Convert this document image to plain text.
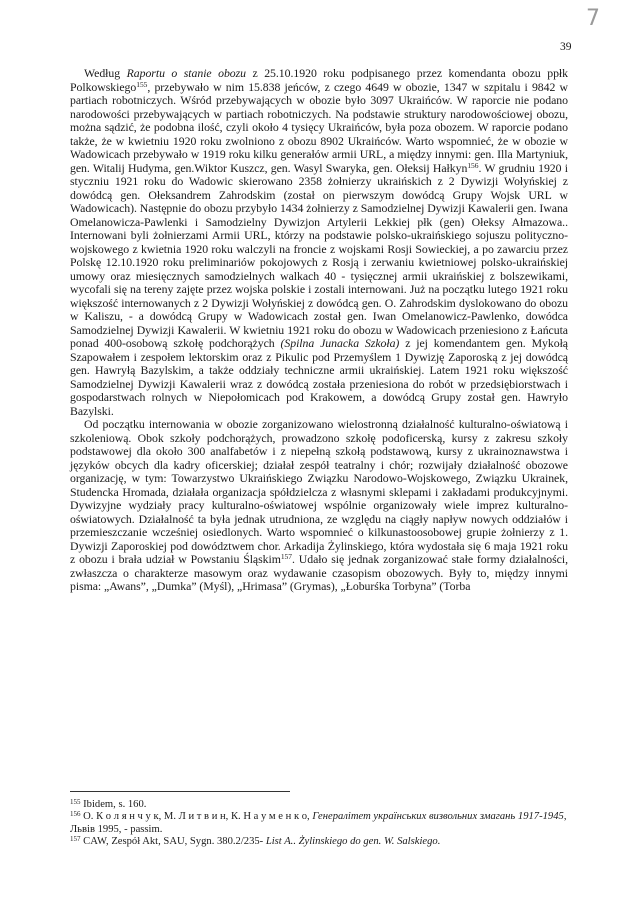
7
39

Według Raportu o stanie obozu z 25.10.1920 roku podpisanego przez komendanta obozu ppłk Polkowskiego$^{155}$, przebywało w nim 15.838 jeńców, z czego 4649 w obozie, 1347 w szpitalu i 9842 w partiach robotniczych. Wśród przebywających w obozie było 3097 Ukraińców. W raporcie nie podano narodowości przebywających w partiach robotniczych. Na podstawie struktury narodowościowej obozu, można sądzić, że podobna ilość, czyli około 4 tysięcy Ukraińców, była poza obozem. W raporcie podano także, że w kwietniu 1920 roku zwolniono z obozu 8902 Ukraińców. Warto wspomnieć, że w obozie w Wadowicach przebywało w 1919 roku kilku generałów armii URL, a między innymi: gen. Illa Martyniuk, gen. Witalij Hudyma, gen.Wiktor Kuszcz, gen. Wasyl Swaryka, gen. Ołeksij Hałkyn$^{156}$. W grudniu 1920 i styczniu 1921 roku do Wadowic skierowano 2358 żołnierzy ukraińskich z 2 Dywizji Wołyńskiej z dowódcą gen. Ołeksandrem Zahrodskim (został on pierwszym dowódcą Grupy Wojsk URL w Wadowicach). Następnie do obozu przybyło 1434 żołnierzy z Samodzielnej Dywizji Kawalerii gen. Iwana Omelanowicza-Pawlenki i Samodzielny Dywizjon Artylerii Lekkiej płk (gen) Ołeksy Ałmazowa.. Internowani byli żołnierzami Armii URL, którzy na podstawie polsko-ukraińskiego sojuszu polityczno-wojskowego z kwietnia 1920 roku walczyli na froncie z wojskami Rosji Sowieckiej, a po zawarciu przez Polskę 12.10.1920 roku preliminariów pokojowych z Rosją i zerwaniu kwietniowej polsko-ukraińskiej umowy oraz miesięcznych samodzielnych walkach 40 - tysięcznej armii ukraińskiej z bolszewikami, wycofali się na tereny zajęte przez wojska polskie i zostali internowani. Już na początku lutego 1921 roku większość internowanych z 2 Dywizji Wołyńskiej z dowódcą gen. O. Zahrodskim dyslokowano do obozu w Kaliszu, - a dowódcą Grupy w Wadowicach został gen. Iwan Omelanowicz-Pawlenko, dowódca Samodzielnej Dywizji Kawalerii. W kwietniu 1921 roku do obozu w Wadowicach przeniesiono z Łańcuta ponad 400-osobową szkołę podchorążych (Spilna Junacka Szkoła) z jej komendantem gen. Mykołą Szapowałem i zespołem lektorskim oraz z Pikulic pod Przemyślem 1 Dywizję Zaporoską z jej dowódcą gen. Hawryłą Bazylskim, a także oddziały techniczne armii ukraińskiej. Latem 1921 roku większość Samodzielnej Dywizji Kawalerii wraz z dowódcą została przeniesiona do robót w przedsiębiorstwach i gospodarstwach rolnych w Niepołomicach pod Krakowem, a dowódcą Grupy został gen. Hawryło Bazylski.

Od początku internowania w obozie zorganizowano wielostronną działalność kulturalno-oświatową i szkoleniową. Obok szkoły podchorążych, prowadzono szkołę podoficerską, kursy z zakresu szkoły podstawowej dla około 300 analfabetów i z niepełną szkołą podstawową, kursy z ukrainoznawstwa i języków obcych dla kadry oficerskiej; działał zespół teatralny i chór; rozwijały działalność obozowe organizację, w tym: Towarzystwo Ukraińskiego Związku Narodowo-Wojskowego, Związku Ukrainek, Studencka Hromada, działała organizacja spółdzielcza z własnymi sklepami i zakładami produkcyjnymi. Dywizyjne wydziały pracy kulturalno-oświatowej wspólnie organizowały wiele imprez kulturalno-oświatowych. Działalność ta była jednak utrudniona, ze względu na ciągły napływ nowych oddziałów i przemieszczanie wcześniej osiedlonych. Warto wspomnieć o kilkunastoosobowej grupie żołnierzy z 1. Dywizji Zaporoskiej pod dowództwem chor. Arkadija Żylinskiego, która wydostała się 6 maja 1921 roku z obozu i brała udział w Powstaniu Śląskim$^{157}$. Udało się jednak zorganizować stałe formy działalności, zwłaszcza o charakterze masowym oraz wydawanie czasopism obozowych. Były to, między innymi pisma: „Awans”, „Dumka” (Myśl), „Hrimasa” (Grymas), „Łoburśka Torbyna” (Torba

$^{155}$ Ibidem, s. 160.

$^{156}$ О. К о л я н ч у к, М. Л и т в и н, К. Н а у м е н к о, Генералітет українських визвольних змагань 1917-1945, Львів 1995, - passim.

$^{157}$ CAW, Zespół Akt, SAU, Sygn. 380.2/235- List A.. Żylinskiego do gen. W. Salskiego.
